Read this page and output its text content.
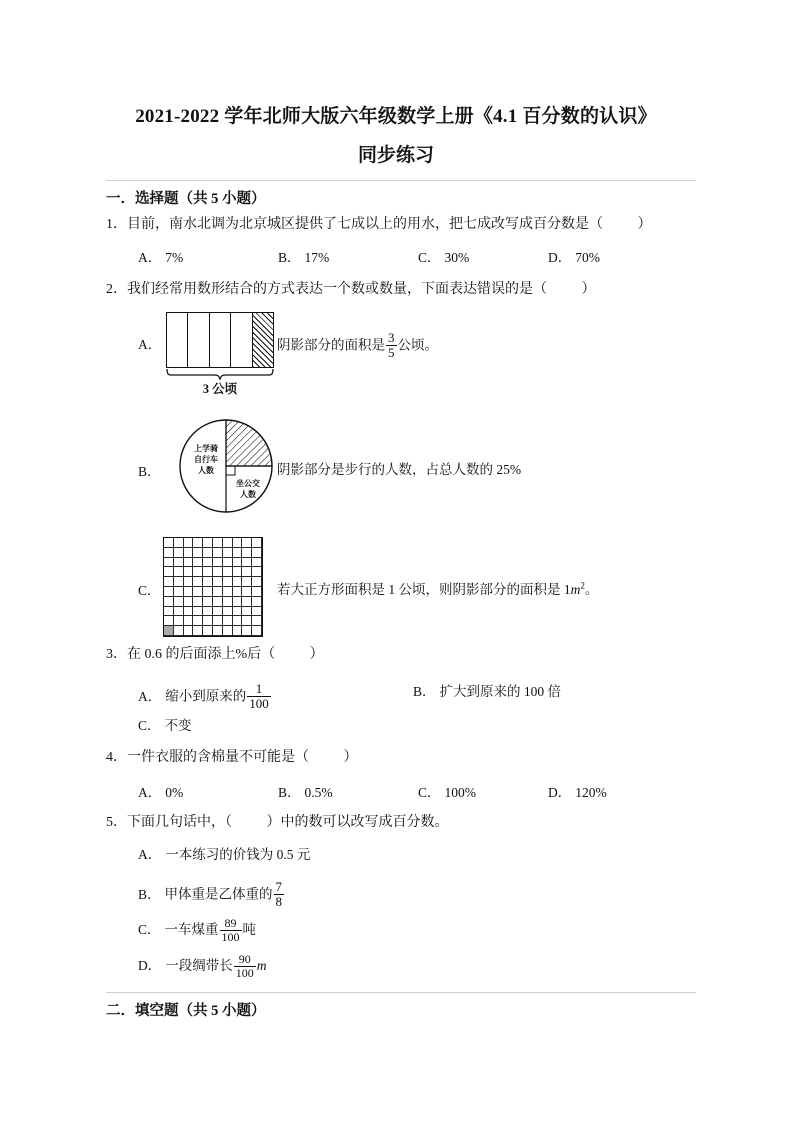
2021-2022 学年北师大版六年级数学上册《4.1 百分数的认识》
同步练习
一．选择题（共 5 小题）
1．目前，南水北调为北京城区提供了七成以上的用水，把七成改写成百分数是（ ）
A． 7%	B． 17%	C． 30%	D． 70%
2．我们经常用数形结合的方式表达一个数或数量，下面表达错误的是（ ）
A．
3 公顷
阴影部分的面积是 $\frac{3}{5}$ 公顷。
B．
上学骑
自行车
人数
坐公交
人数
阴影部分是步行的人数，占总人数的 25%
C．	若大正方形面积是 1 公顷，则阴影部分的面积是 $1m^2$。
3．在 0.6 的后面添上%后（ ）
A． 缩小到原来的 $\frac{1}{100}$	B． 扩大到原来的 100 倍
C． 不变
4．一件衣服的含棉量不可能是（ ）
A． 0%	B． 0.5%	C． 100%	D． 120%
5．下面几句话中，（ ）中的数可以改写成百分数。
A． 一本练习的价钱为 0.5 元
B． 甲体重是乙体重的 $\frac{7}{8}$
C． 一车煤重 $\frac{89}{100}$ 吨
D． 一段绸带长 $\frac{90}{100}$ m
二．填空题（共 5 小题）
